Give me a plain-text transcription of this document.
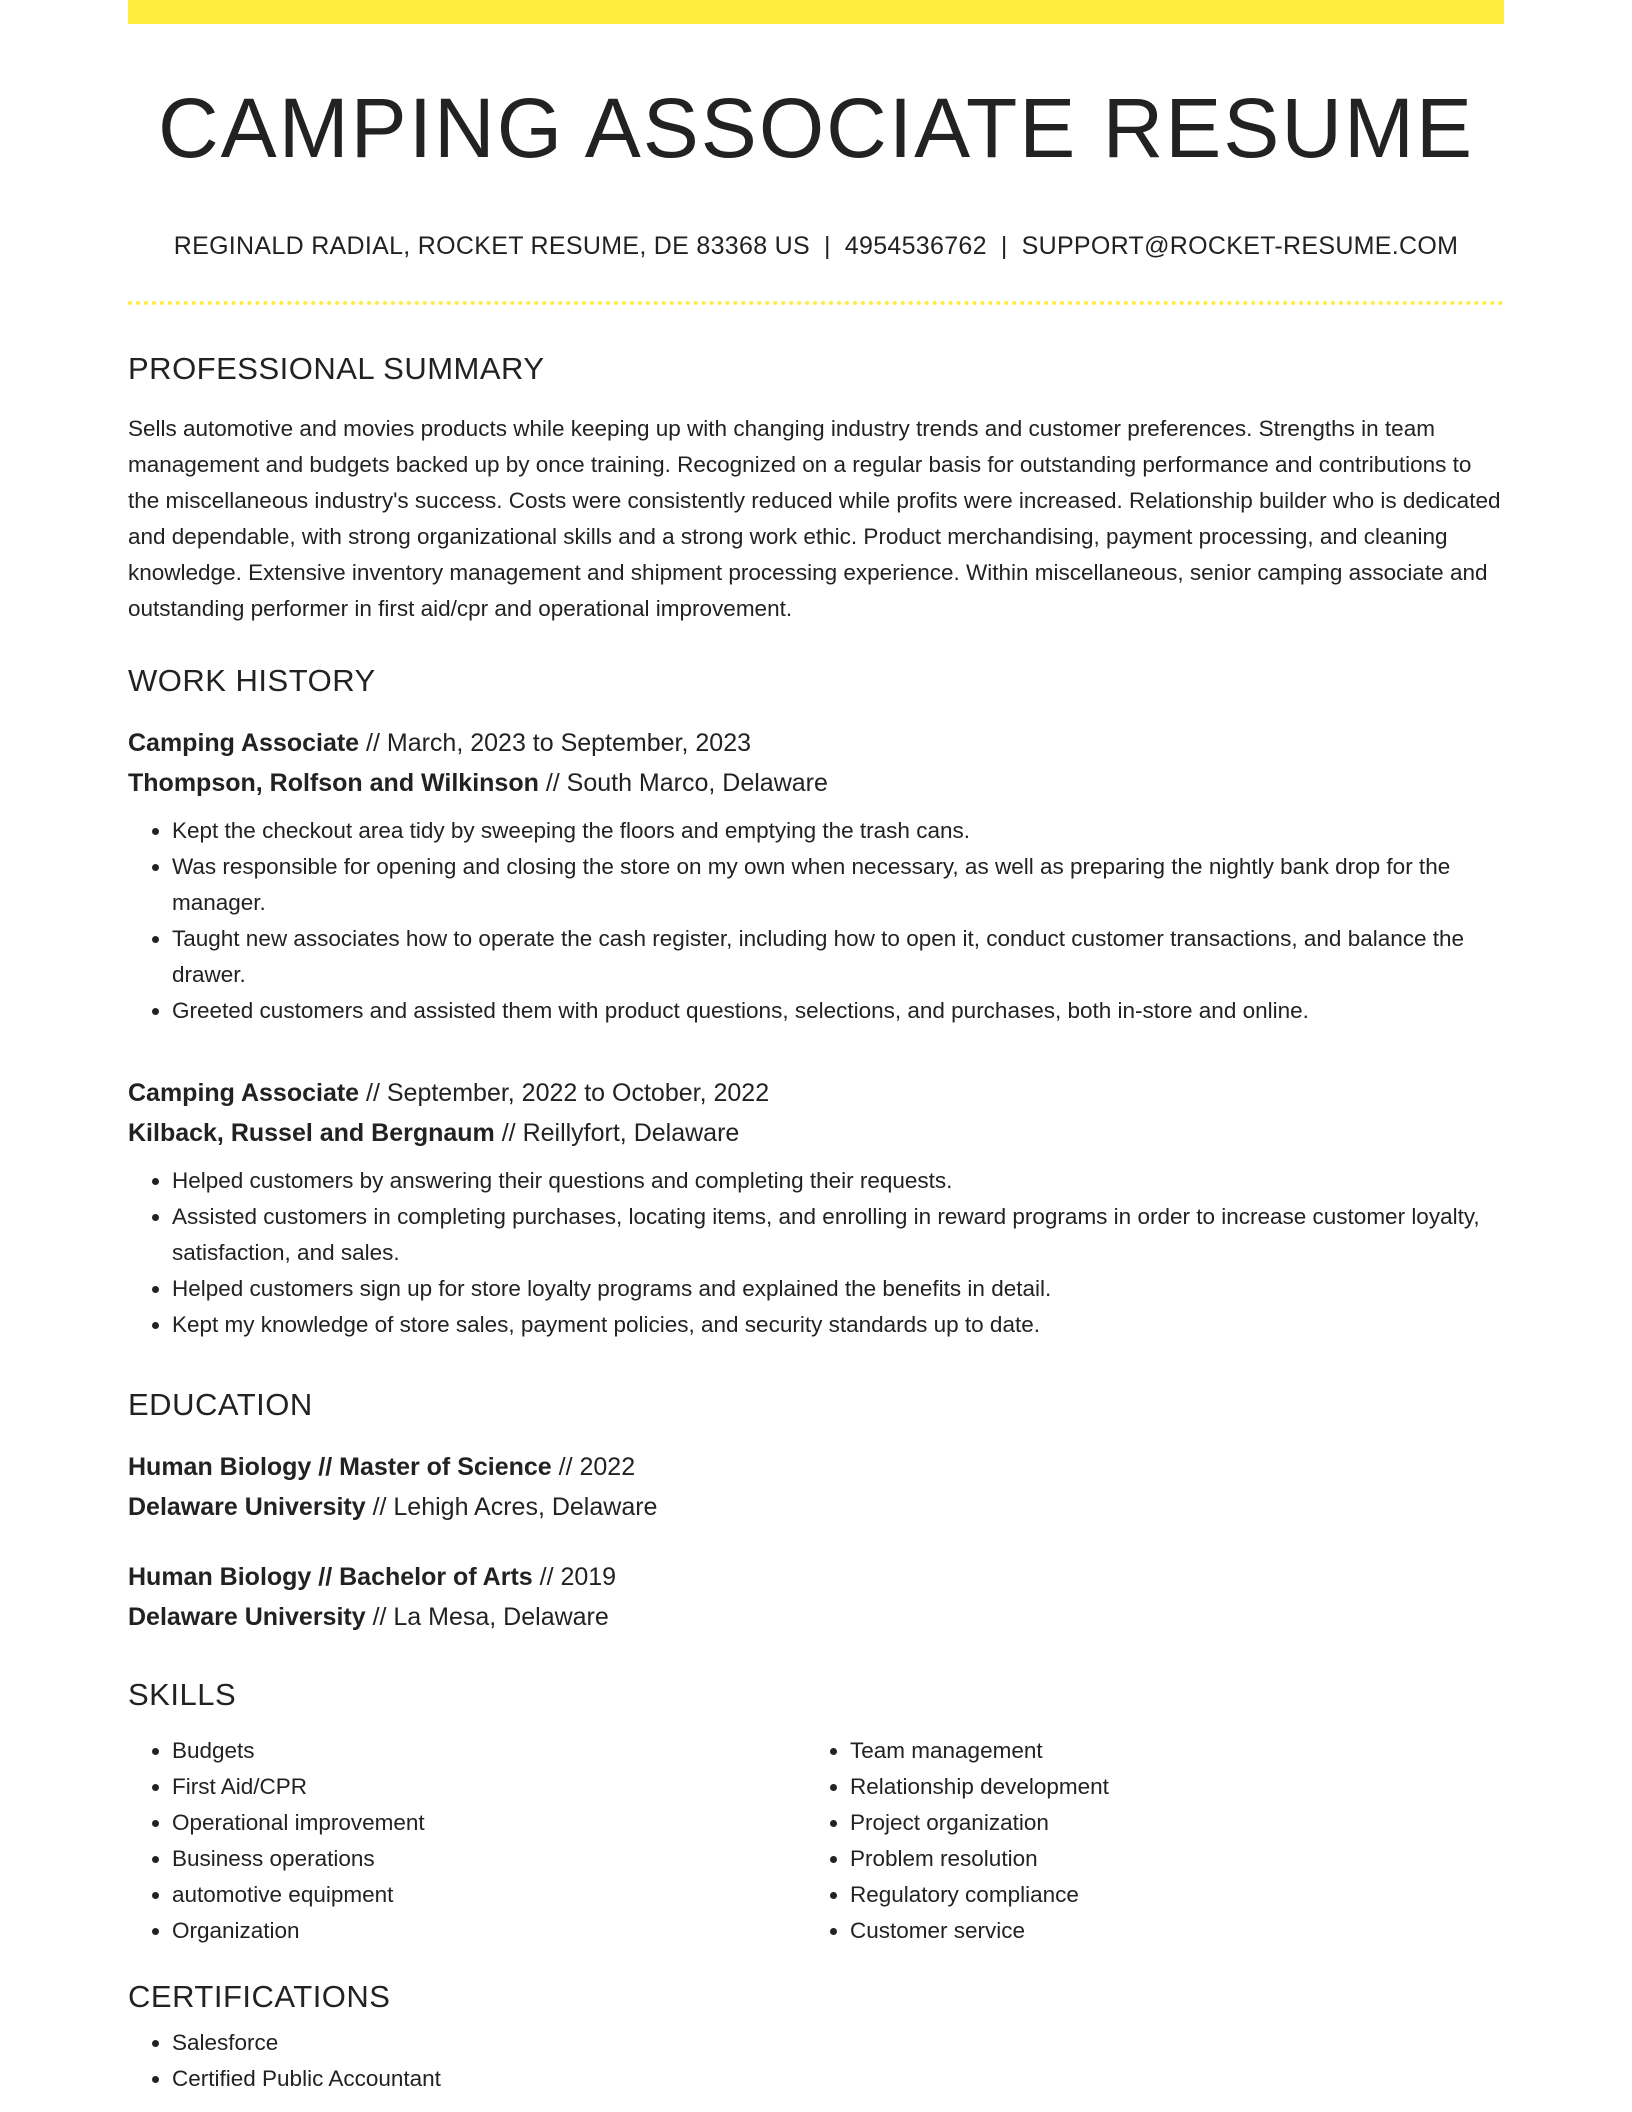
CAMPING ASSOCIATE RESUME
REGINALD RADIAL, ROCKET RESUME, DE 83368 US | 4954536762 | SUPPORT@ROCKET-RESUME.COM
PROFESSIONAL SUMMARY
Sells automotive and movies products while keeping up with changing industry trends and customer preferences. Strengths in team management and budgets backed up by once training. Recognized on a regular basis for outstanding performance and contributions to the miscellaneous industry's success. Costs were consistently reduced while profits were increased. Relationship builder who is dedicated and dependable, with strong organizational skills and a strong work ethic. Product merchandising, payment processing, and cleaning knowledge. Extensive inventory management and shipment processing experience. Within miscellaneous, senior camping associate and outstanding performer in first aid/cpr and operational improvement.
WORK HISTORY
Camping Associate // March, 2023 to September, 2023
Thompson, Rolfson and Wilkinson // South Marco, Delaware
• Kept the checkout area tidy by sweeping the floors and emptying the trash cans.
• Was responsible for opening and closing the store on my own when necessary, as well as preparing the nightly bank drop for the manager.
• Taught new associates how to operate the cash register, including how to open it, conduct customer transactions, and balance the drawer.
• Greeted customers and assisted them with product questions, selections, and purchases, both in-store and online.
Camping Associate // September, 2022 to October, 2022
Kilback, Russel and Bergnaum // Reillyfort, Delaware
• Helped customers by answering their questions and completing their requests.
• Assisted customers in completing purchases, locating items, and enrolling in reward programs in order to increase customer loyalty, satisfaction, and sales.
• Helped customers sign up for store loyalty programs and explained the benefits in detail.
• Kept my knowledge of store sales, payment policies, and security standards up to date.
EDUCATION
Human Biology // Master of Science // 2022
Delaware University // Lehigh Acres, Delaware
Human Biology // Bachelor of Arts // 2019
Delaware University // La Mesa, Delaware
SKILLS
• Budgets
• First Aid/CPR
• Operational improvement
• Business operations
• automotive equipment
• Organization
• Team management
• Relationship development
• Project organization
• Problem resolution
• Regulatory compliance
• Customer service
CERTIFICATIONS
• Salesforce
• Certified Public Accountant
